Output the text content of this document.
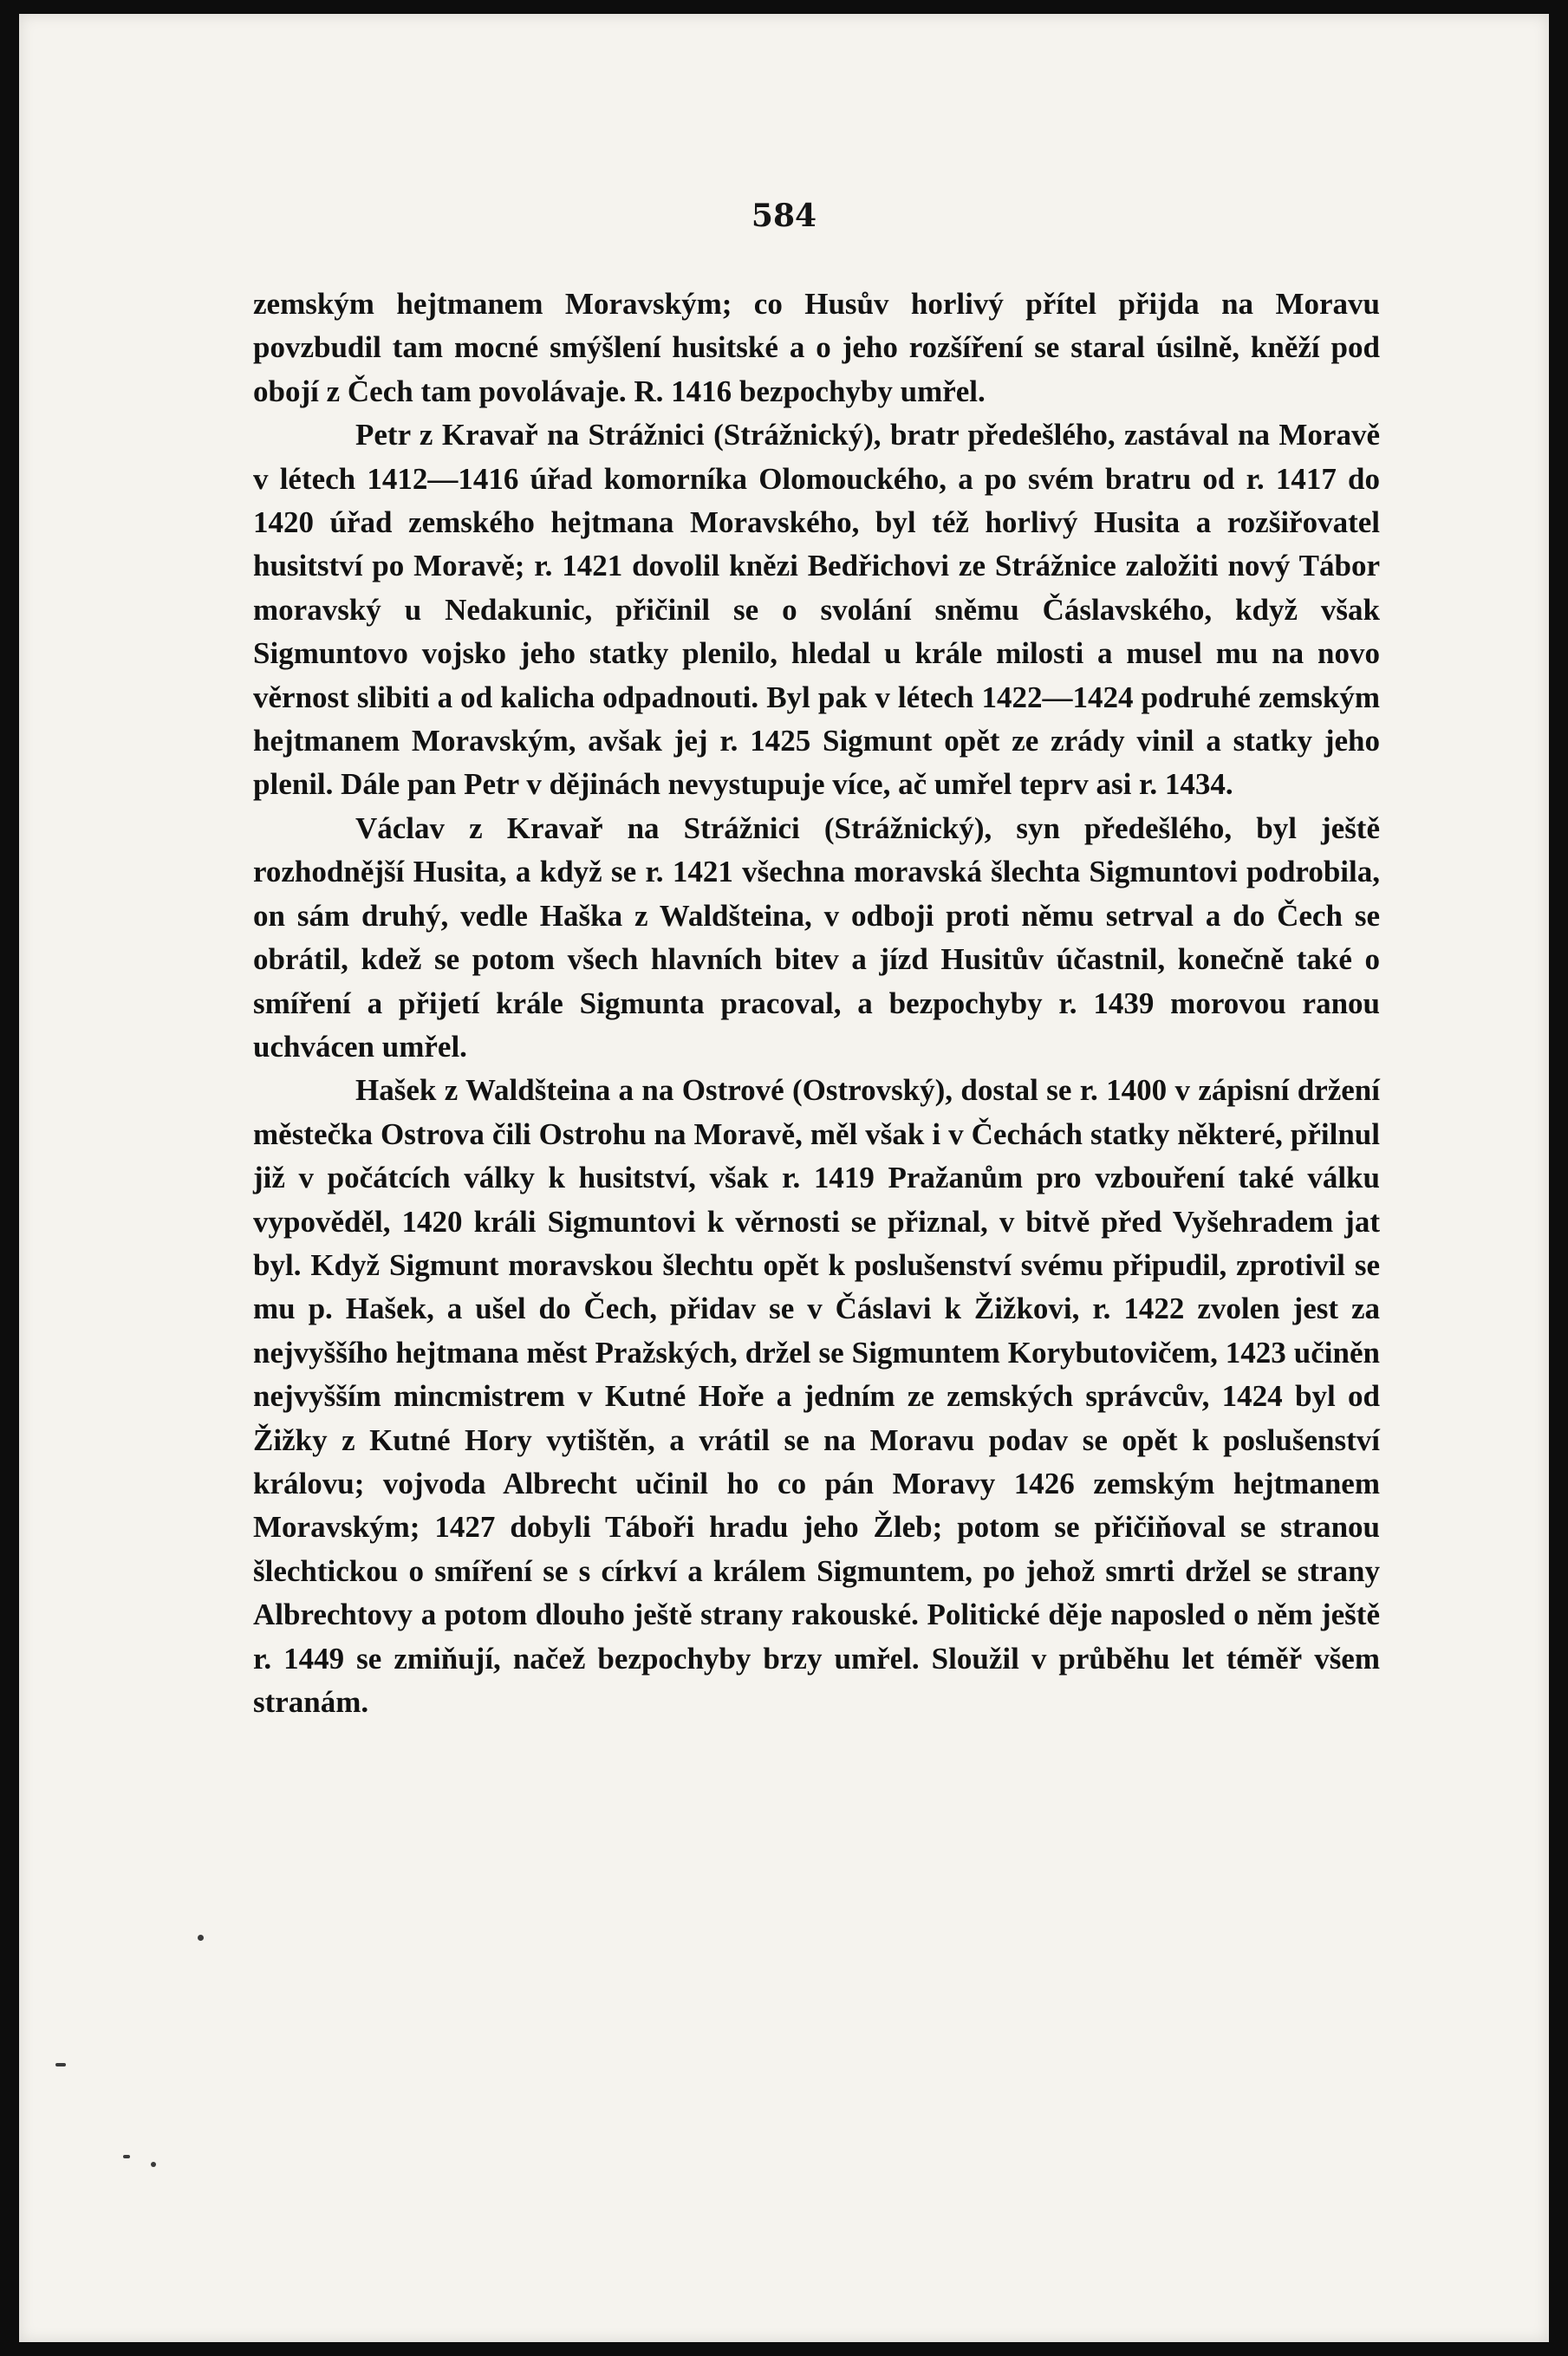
584

zemským hejtmanem Moravským; co Husův horlivý přítel přijda na Moravu povzbudil tam mocné smýšlení husitské a o jeho rozšíření se staral úsilně, kněží pod obojí z Čech tam povolávaje. R. 1416 bezpochyby umřel.

Petr z Kravař na Strážnici (Strážnický), bratr předešlého, zastával na Moravě v létech 1412—1416 úřad komorníka Olomouckého, a po svém bratru od r. 1417 do 1420 úřad zemského hejtmana Moravského, byl též horlivý Husita a rozšiřovatel husitství po Moravě; r. 1421 dovolil knězi Bedřichovi ze Strážnice založiti nový Tábor moravský u Nedakunic, přičinil se o svolání sněmu Čáslavského, když však Sigmuntovo vojsko jeho statky plenilo, hledal u krále milosti a musel mu na novo věrnost slibiti a od kalicha odpadnouti. Byl pak v létech 1422—1424 podruhé zemským hejtmanem Moravským, avšak jej r. 1425 Sigmunt opět ze zrády vinil a statky jeho plenil. Dále pan Petr v dějinách nevystupuje více, ač umřel teprv asi r. 1434.

Václav z Kravař na Strážnici (Strážnický), syn předešlého, byl ještě rozhodnější Husita, a když se r. 1421 všechna moravská šlechta Sigmuntovi podrobila, on sám druhý, vedle Haška z Waldšteina, v odboji proti němu setrval a do Čech se obrátil, kdež se potom všech hlavních bitev a jízd Husitův účastnil, konečně také o smíření a přijetí krále Sigmunta pracoval, a bezpochyby r. 1439 morovou ranou uchvácen umřel.

Hašek z Waldšteina a na Ostrové (Ostrovský), dostal se r. 1400 v zápisní držení městečka Ostrova čili Ostrohu na Moravě, měl však i v Čechách statky některé, přilnul již v počátcích války k husitství, však r. 1419 Pražanům pro vzbouření také válku vypověděl, 1420 králi Sigmuntovi k věrnosti se přiznal, v bitvě před Vyšehradem jat byl. Když Sigmunt moravskou šlechtu opět k poslušenství svému připudil, zprotivil se mu p. Hašek, a ušel do Čech, přidav se v Čáslavi k Žižkovi, r. 1422 zvolen jest za nejvyššího hejtmana měst Pražských, držel se Sigmuntem Korybutovičem, 1423 učiněn nejvyšším mincmistrem v Kutné Hoře a jedním ze zemských správcův, 1424 byl od Žižky z Kutné Hory vytištěn, a vrátil se na Moravu podav se opět k poslušenství královu; vojvoda Albrecht učinil ho co pán Moravy 1426 zemským hejtmanem Moravským; 1427 dobyli Táboři hradu jeho Žleb; potom se přičiňoval se stranou šlechtickou o smíření se s církví a králem Sigmuntem, po jehož smrti držel se strany Albrechtovy a potom dlouho ještě strany rakouské. Politické děje naposled o něm ještě r. 1449 se zmiňují, načež bezpochyby brzy umřel. Sloužil v průběhu let téměř všem stranám.
